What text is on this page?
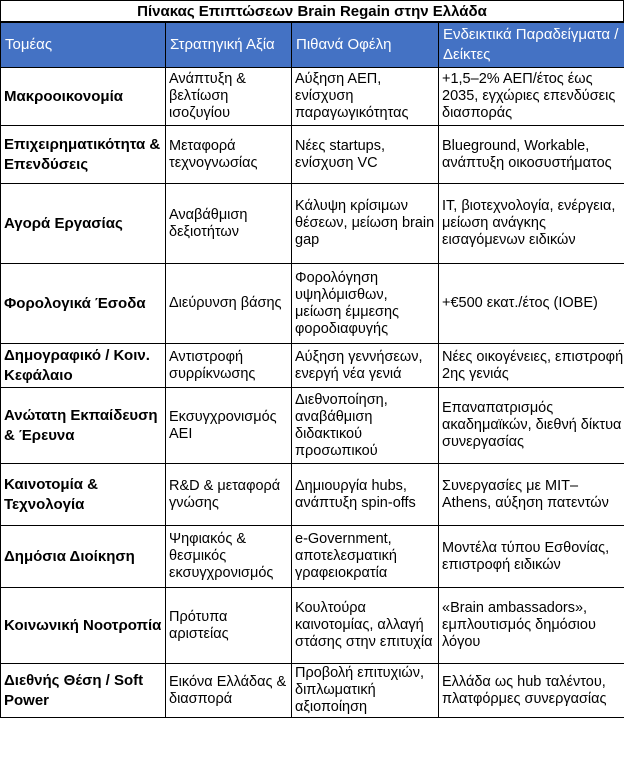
Πίνακας Επιπτώσεων Brain Regain στην Ελλάδα
Τομέας	Στρατηγική Αξία	Πιθανά Οφέλη	Ενδεικτικά Παραδείγματα / Δείκτες
Μακροοικονομία	Ανάπτυξη & βελτίωση ισοζυγίου	Αύξηση ΑΕΠ, ενίσχυση παραγωγικότητας	+1,5–2% ΑΕΠ/έτος έως 2035, εγχώριες επενδύσεις διασποράς
Επιχειρηματικότητα & Επενδύσεις	Μεταφορά τεχνογνωσίας	Νέες startups, ενίσχυση VC	Blueground, Workable, ανάπτυξη οικοσυστήματος
Αγορά Εργασίας	Αναβάθμιση δεξιοτήτων	Κάλυψη κρίσιμων θέσεων, μείωση brain gap	IT, βιοτεχνολογία, ενέργεια, μείωση ανάγκης εισαγόμενων ειδικών
Φορολογικά Έσοδα	Διεύρυνση βάσης	Φορολόγηση υψηλόμισθων, μείωση έμμεσης φοροδιαφυγής	+€500 εκατ./έτος (ΙΟΒΕ)
Δημογραφικό / Κοιν. Κεφάλαιο	Αντιστροφή συρρίκνωσης	Αύξηση γεννήσεων, ενεργή νέα γενιά	Νέες οικογένειες, επιστροφή 2ης γενιάς
Ανώτατη Εκπαίδευση & Έρευνα	Εκσυγχρονισμός ΑΕΙ	Διεθνοποίηση, αναβάθμιση διδακτικού προσωπικού	Επαναπατρισμός ακαδημαϊκών, διεθνή δίκτυα συνεργασίας
Καινοτομία & Τεχνολογία	R&D & μεταφορά γνώσης	Δημιουργία hubs, ανάπτυξη spin-offs	Συνεργασίες με MIT–Athens, αύξηση πατεντών
Δημόσια Διοίκηση	Ψηφιακός & θεσμικός εκσυγχρονισμός	e-Government, αποτελεσματική γραφειοκρατία	Μοντέλα τύπου Εσθονίας, επιστροφή ειδικών
Κοινωνική Νοοτροπία	Πρότυπα αριστείας	Κουλτούρα καινοτομίας, αλλαγή στάσης στην επιτυχία	«Brain ambassadors», εμπλουτισμός δημόσιου λόγου
Διεθνής Θέση / Soft Power	Εικόνα Ελλάδας & διασπορά	Προβολή επιτυχιών, διπλωματική αξιοποίηση	Ελλάδα ως hub ταλέντου, πλατφόρμες συνεργασίας
